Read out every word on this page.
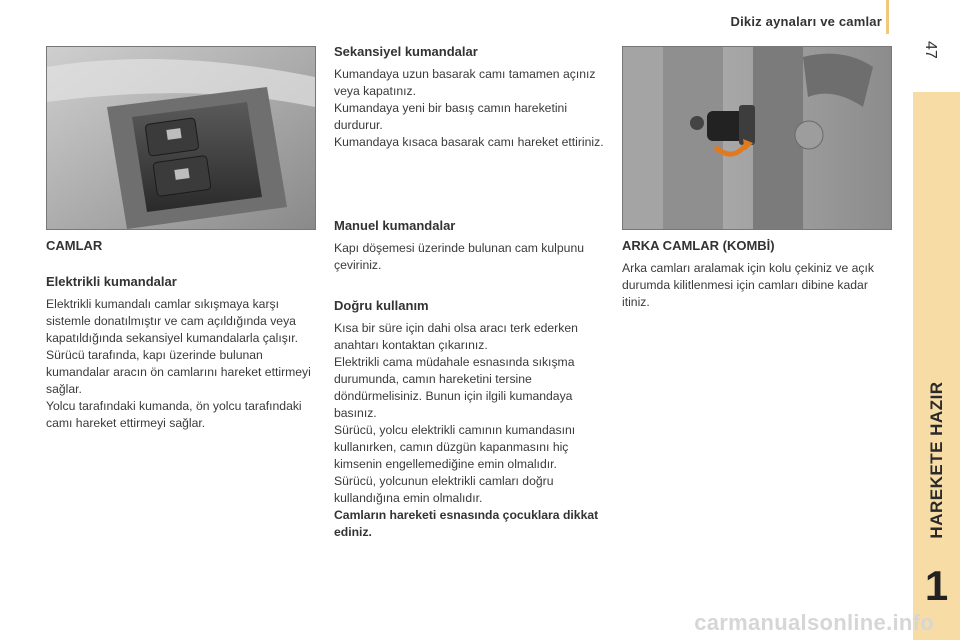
Dikiz aynaları ve camlar
47
HAREKETE HAZIR
1
CAMLAR
Elektrikli kumandalar

Elektrikli kumandalı camlar sıkışmaya karşı sistemle donatılmıştır ve cam açıldığında veya kapatıldığında sekansiyel kumandalarla çalışır.

Sürücü tarafında, kapı üzerinde bulunan kumandalar aracın ön camlarını hareket ettirmeyi sağlar.

Yolcu tarafındaki kumanda, ön yolcu tarafındaki camı hareket ettirmeyi sağlar.

Sekansiyel kumandalar

Kumandaya uzun basarak camı tamamen açınız veya kapatınız.

Kumandaya yeni bir basış camın hareketini durdurur.

Kumandaya kısaca basarak camı hareket ettiriniz.

Manuel kumandalar

Kapı döşemesi üzerinde bulunan cam kulpunu çeviriniz.

Doğru kullanım

Kısa bir süre için dahi olsa aracı terk ederken anahtarı kontaktan çıkarınız.

Elektrikli cama müdahale esnasında sıkışma durumunda, camın hareketini tersine döndürmelisiniz. Bunun için ilgili kumandaya basınız.

Sürücü, yolcu elektrikli camının kumandasını kullanırken, camın düzgün kapanmasını hiç kimsenin engellemediğine emin olmalıdır.

Sürücü, yolcunun elektrikli camları doğru kullandığına emin olmalıdır.

Camların hareketi esnasında çocuklara dikkat ediniz.

ARKA CAMLAR (KOMBİ)

Arka camları aralamak için kolu çekiniz ve açık durumda kilitlenmesi için camları dibine kadar itiniz.

carmanualsonline.info
